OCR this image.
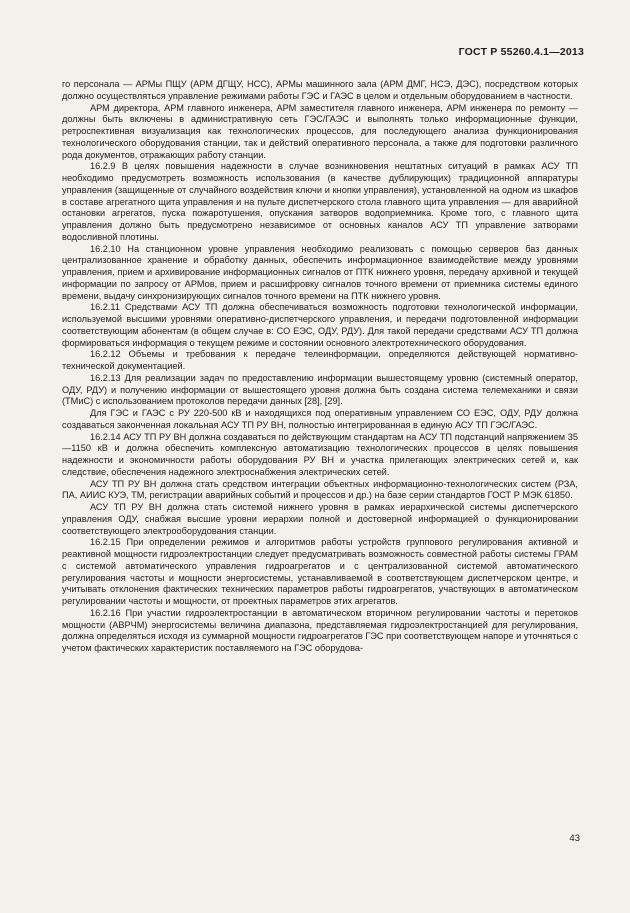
ГОСТ Р 55260.4.1—2013

го персонала — АРМы ПЩУ (АРМ ДГЩУ, НСС), АРМы машинного зала (АРМ ДМГ, НСЭ, ДЭС), посредством которых должно осуществляться управление режимами работы ГЭС и ГАЭС в целом и отдельным оборудованием в частности.

АРМ директора, АРМ главного инженера, АРМ заместителя главного инженера, АРМ инженера по ремонту — должны быть включены в административную сеть ГЭС/ГАЭС и выполнять только информационные функции, ретроспективная визуализация как технологических процессов, для последующего анализа функционирования технологического оборудования станции, так и действий оперативного персонала, а также для подготовки различного рода документов, отражающих работу станции.

16.2.9 В целях повышения надежности в случае возникновения нештатных ситуаций в рамках АСУ ТП необходимо предусмотреть возможность использования (в качестве дублирующих) традиционной аппаратуры управления (защищенные от случайного воздействия ключи и кнопки управления), установленной на одном из шкафов в составе агрегатного щита управления и на пульте диспетчерского стола главного щита управления — для аварийной остановки агрегатов, пуска пожаротушения, опускания затворов водоприемника. Кроме того, с главного щита управления должно быть предусмотрено независимое от основных каналов АСУ ТП управление затворами водосливной плотины.

16.2.10 На станционном уровне управления необходимо реализовать с помощью серверов баз данных централизованное хранение и обработку данных, обеспечить информационное взаимодействие между уровнями управления, прием и архивирование информационных сигналов от ПТК нижнего уровня, передачу архивной и текущей информации по запросу от АРМов, прием и расшифровку сигналов точного времени от приемника системы единого времени, выдачу синхронизирующих сигналов точного времени на ПТК нижнего уровня.

16.2.11 Средствами АСУ ТП должна обеспечиваться возможность подготовки технологической информации, используемой высшими уровнями оперативно-диспетчерского управления, и передачи подготовленной информации соответствующим абонентам (в общем случае в: СО ЕЭС, ОДУ, РДУ). Для такой передачи средствами АСУ ТП должна формироваться информация о текущем режиме и состоянии основного электротехнического оборудования.

16.2.12 Объемы и требования к передаче телеинформации, определяются действующей нормативно-технической документацией.

16.2.13 Для реализации задач по предоставлению информации вышестоящему уровню (системный оператор, ОДУ, РДУ) и получению информации от вышестоящего уровня должна быть создана система телемеханики и связи (ТМиС) с использованием протоколов передачи данных [28], [29].

Для ГЭС и ГАЭС с РУ 220-500 кВ и находящихся под оперативным управлением СО ЕЭС, ОДУ, РДУ должна создаваться законченная локальная АСУ ТП РУ ВН, полностью интегрированная в единую АСУ ТП ГЭС/ГАЭС.

16.2.14 АСУ ТП РУ ВН должна создаваться по действующим стандартам на АСУ ТП подстанций напряжением 35—1150 кВ и должна обеспечить комплексную автоматизацию технологических процессов в целях повышения надежности и экономичности работы оборудования РУ ВН и участка прилегающих электрических сетей и, как следствие, обеспечения надежного электроснабжения электрических сетей.

АСУ ТП РУ ВН должна стать средством интеграции объектных информационно-технологических систем (РЗА, ПА, АИИС КУЭ, ТМ, регистрации аварийных событий и процессов и др.) на базе серии стандартов ГОСТ Р МЭК 61850.

АСУ ТП РУ ВН должна стать системой нижнего уровня в рамках иерархической системы диспетчерского управления ОДУ, снабжая высшие уровни иерархии полной и достоверной информацией о функционировании соответствующего электрооборудования станции.

16.2.15 При определении режимов и алгоритмов работы устройств группового регулирования активной и реактивной мощности гидроэлектростанции следует предусматривать возможность совместной работы системы ГРАМ с системой автоматического управления гидроагрегатов и с централизованной системой автоматического регулирования частоты и мощности энергосистемы, устанавливаемой в соответствующем диспетчерском центре, и учитывать отклонения фактических технических параметров работы гидроагрегатов, участвующих в автоматическом регулировании частоты и мощности, от проектных параметров этих агрегатов.

16.2.16 При участии гидроэлектростанции в автоматическом вторичном регулировании частоты и перетоков мощности (АВРЧМ) энергосистемы величина диапазона, представляемая гидроэлектростанцией для регулирования, должна определяться исходя из суммарной мощности гидроагрегатов ГЭС при соответствующем напоре и уточняться с учетом фактических характеристик поставляемого на ГЭС оборудова-

43
